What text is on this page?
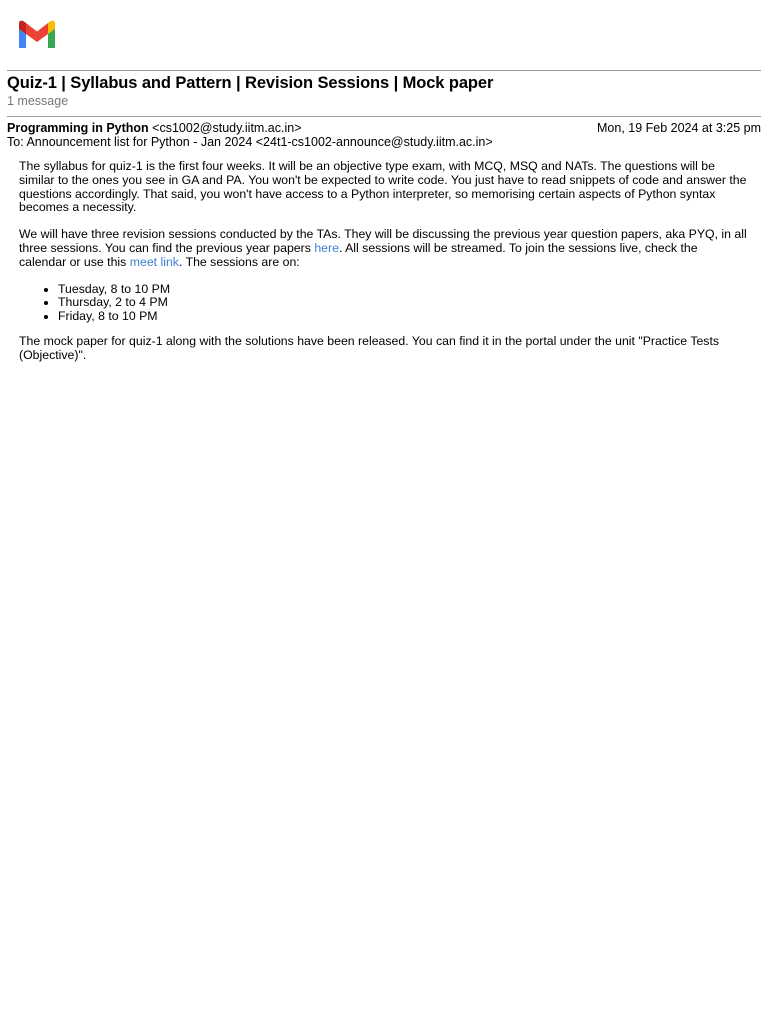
Quiz-1 | Syllabus and Pattern | Revision Sessions | Mock paper
1 message
Programming in Python <cs1002@study.iitm.ac.in>	Mon, 19 Feb 2024 at 3:25 pm
To: Announcement list for Python - Jan 2024 <24t1-cs1002-announce@study.iitm.ac.in>

The syllabus for quiz-1 is the first four weeks. It will be an objective type exam, with MCQ, MSQ and NATs. The questions will be similar to the ones you see in GA and PA. You won't be expected to write code. You just have to read snippets of code and answer the questions accordingly. That said, you won't have access to a Python interpreter, so memorising certain aspects of Python syntax becomes a necessity.

We will have three revision sessions conducted by the TAs. They will be discussing the previous year question papers, aka PYQ, in all three sessions. You can find the previous year papers here. All sessions will be streamed. To join the sessions live, check the calendar or use this meet link. The sessions are on:

• Tuesday, 8 to 10 PM
• Thursday, 2 to 4 PM
• Friday, 8 to 10 PM

The mock paper for quiz-1 along with the solutions have been released. You can find it in the portal under the unit "Practice Tests (Objective)".
